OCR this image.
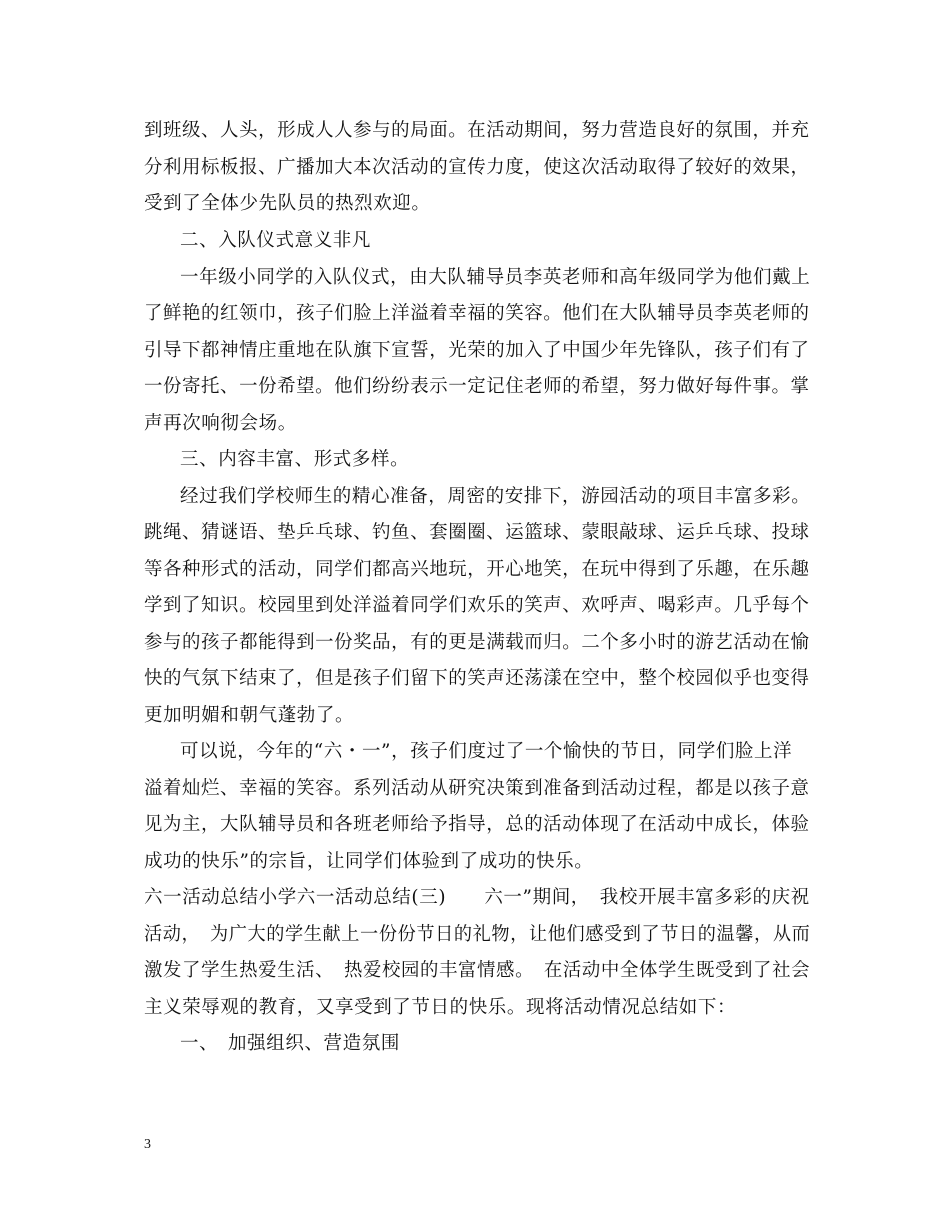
到班级、人头，形成人人参与的局面。在活动期间，努力营造良好的氛围，并充
分利用标板报、广播加大本次活动的宣传力度，使这次活动取得了较好的效果，
受到了全体少先队员的热烈欢迎。
二、入队仪式意义非凡
一年级小同学的入队仪式，由大队辅导员李英老师和高年级同学为他们戴上
了鲜艳的红领巾，孩子们脸上洋溢着幸福的笑容。他们在大队辅导员李英老师的
引导下都神情庄重地在队旗下宣誓，光荣的加入了中国少年先锋队，孩子们有了
一份寄托、一份希望。他们纷纷表示一定记住老师的希望，努力做好每件事。掌
声再次响彻会场。
三、内容丰富、形式多样。
经过我们学校师生的精心准备，周密的安排下，游园活动的项目丰富多彩。
跳绳、猜谜语、垫乒乓球、钓鱼、套圈圈、运篮球、蒙眼敲球、运乒乓球、投球
等各种形式的活动，同学们都高兴地玩，开心地笑，在玩中得到了乐趣，在乐趣
学到了知识。校园里到处洋溢着同学们欢乐的笑声、欢呼声、喝彩声。几乎每个
参与的孩子都能得到一份奖品，有的更是满载而归。二个多小时的游艺活动在愉
快的气氛下结束了，但是孩子们留下的笑声还荡漾在空中，整个校园似乎也变得
更加明媚和朝气蓬勃了。
可以说，今年的“六・一”，孩子们度过了一个愉快的节日，同学们脸上洋
溢着灿烂、幸福的笑容。系列活动从研究决策到准备到活动过程，都是以孩子意
见为主，大队辅导员和各班老师给予指导，总的活动体现了在活动中成长，体验
成功的快乐”的宗旨，让同学们体验到了成功的快乐。
六一活动总结小学六一活动总结(三)　　六一”期间，　我校开展丰富多彩的庆祝
活动，　为广大的学生献上一份份节日的礼物，让他们感受到了节日的温馨，从而
激发了学生热爱生活、　热爱校园的丰富情感。　在活动中全体学生既受到了社会
主义荣辱观的教育，又享受到了节日的快乐。现将活动情况总结如下：
一、　加强组织、营造氛围
3
